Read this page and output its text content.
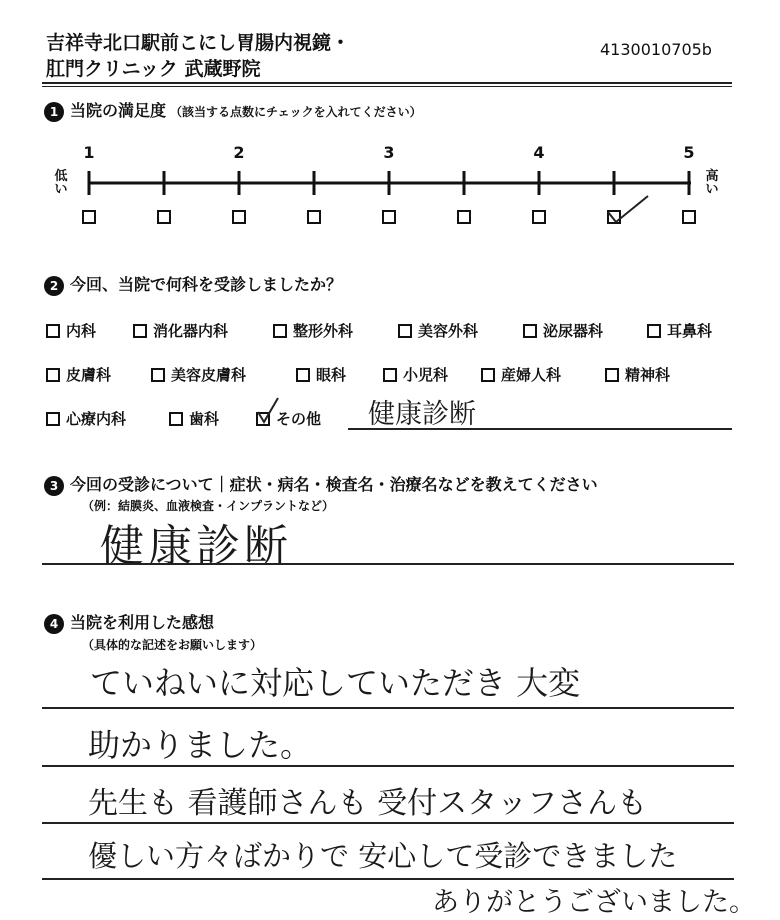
吉祥寺北口駅前こにし胃腸内視鏡・
肛門クリニック 武蔵野院
4130010705b
1 当院の満足度 （該当する点数にチェックを入れてください）
1	2	3	4	5
低い
高い
2 今回、当院で何科を受診しましたか？
内科	消化器内科	整形外科	美容外科	泌尿器科	耳鼻科
皮膚科	美容皮膚科	眼科	小児科	産婦人科	精神科
心療内科	歯科	その他 健康診断
3 今回の受診について｜症状・病名・検査名・治療名などを教えてください
（例：結膜炎、血液検査・インプラントなど）
健康診断
4 当院を利用した感想
（具体的な記述をお願いします）
ていねいに対応していただき 大変
助かりました。
先生も 看護師さんも 受付スタッフさんも
優しい方々ばかりで 安心して受診できました
ありがとうございました。
